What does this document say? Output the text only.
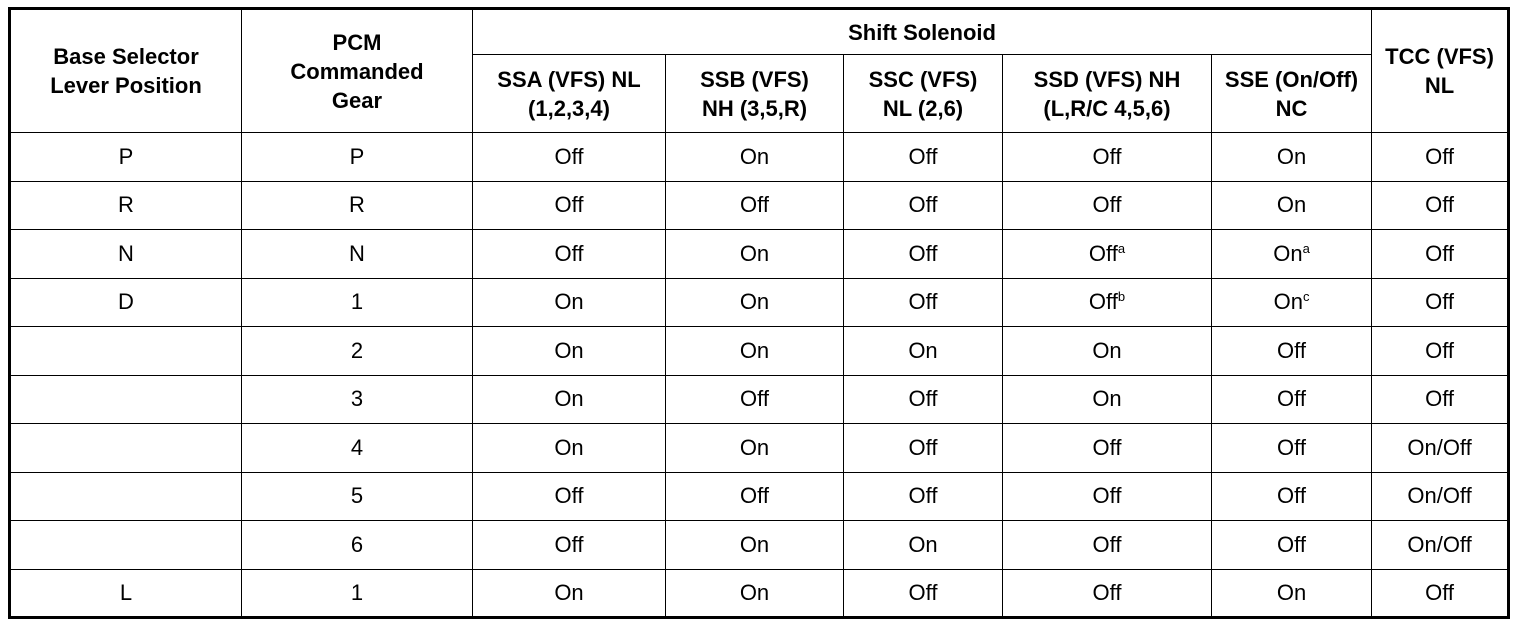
Base Selector Lever Position	PCM Commanded Gear	Shift Solenoid					TCC (VFS) NL
		SSA (VFS) NL (1,2,3,4)	SSB (VFS) NH (3,5,R)	SSC (VFS) NL (2,6)	SSD (VFS) NH (L,R/C 4,5,6)	SSE (On/Off) NC	
P	P	Off	On	Off	Off	On	Off
R	R	Off	Off	Off	Off	On	Off
N	N	Off	On	Off	Off$^a$	On$^a$	Off
D	1	On	On	Off	Off$^b$	On$^c$	Off
	2	On	On	On	On	Off	Off
	3	On	Off	Off	On	Off	Off
	4	On	On	Off	Off	Off	On/Off
	5	Off	Off	Off	Off	Off	On/Off
	6	Off	On	On	Off	Off	On/Off
L	1	On	On	Off	Off	On	Off
